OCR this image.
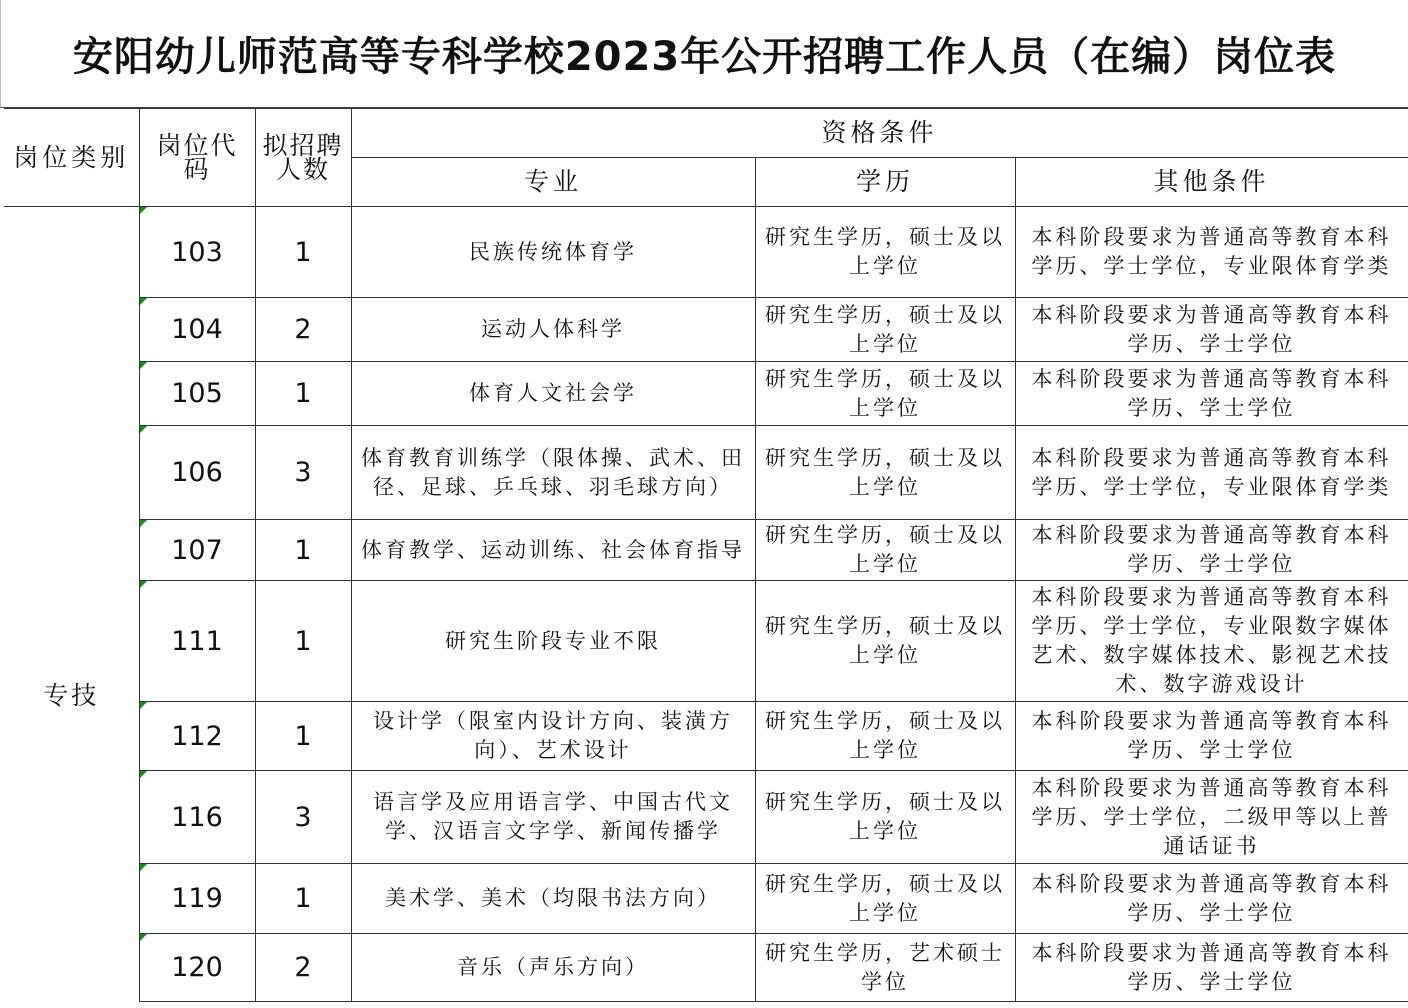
安阳幼儿师范高等专科学校2023年公开招聘工作人员（在编）岗位表
岗位类别	岗位代码	拟招聘人数	资格条件		
			专业	学历	其他条件
专技	103	1	民族传统体育学	研究生学历，硕士及以上学位	本科阶段要求为普通高等教育本科学历、学士学位，专业限体育学类

104	2	运动人体科学	研究生学历，硕士及以上学位	本科阶段要求为普通高等教育本科学历、学士学位

105	1	体育人文社会学	研究生学历，硕士及以上学位	本科阶段要求为普通高等教育本科学历、学士学位

106	3	体育教育训练学（限体操、武术、田径、足球、乒乓球、羽毛球方向）	研究生学历，硕士及以上学位	本科阶段要求为普通高等教育本科学历、学士学位，专业限体育学类

107	1	体育教学、运动训练、社会体育指导	研究生学历，硕士及以上学位	本科阶段要求为普通高等教育本科学历、学士学位

111	1	研究生阶段专业不限	研究生学历，硕士及以上学位	本科阶段要求为普通高等教育本科学历、学士学位，专业限数字媒体艺术、数字媒体技术、影视艺术技术、数字游戏设计

112	1	设计学（限室内设计方向、装潢方向）、艺术设计	研究生学历，硕士及以上学位	本科阶段要求为普通高等教育本科学历、学士学位

116	3	语言学及应用语言学、中国古代文学、汉语言文字学、新闻传播学	研究生学历，硕士及以上学位	本科阶段要求为普通高等教育本科学历、学士学位，二级甲等以上普通话证书

119	1	美术学、美术（均限书法方向）	研究生学历，硕士及以上学位	本科阶段要求为普通高等教育本科学历、学士学位

120	2	音乐（声乐方向）	研究生学历，艺术硕士学位	本科阶段要求为普通高等教育本科学历、学士学位
